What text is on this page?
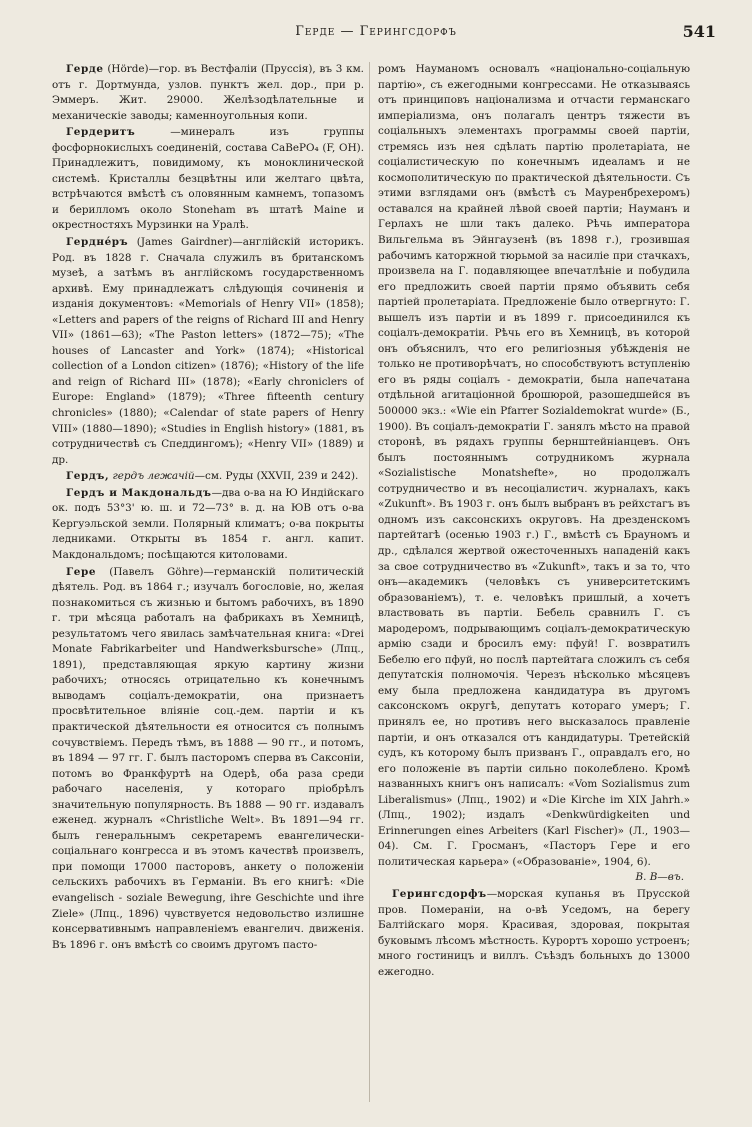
Герде — Герингсдорфъ	541

Герде (Hörde)—гор. въ Вестфаліи (Пруссія), въ 3 км. отъ г. Дортмунда, узлов. пунктъ жел. дор., при р. Эммеръ. Жит. 29000. Желѣзодѣлательные и механическіе заводы; каменноугольныя копи.

Гердеритъ	—минералъ изъ группы фосфорнокислыхъ соединеній, состава CaBePO₄ (F, OH). Принадлежитъ, повидимому, къ моноклинической системѣ. Кристаллы безцвѣтны или желтаго цвѣта, встрѣчаются вмѣстѣ съ оловянным камнемъ, топазомъ и берилломъ около Stoneham въ штатѣ Maine и окрестностяхъ Мурзинки на Уралѣ.

Гердне́ръ (James Gairdner)—англійскій историкъ. Род. въ 1828 г. Сначала служилъ въ британскомъ музеѣ, а затѣмъ въ англійскомъ государственномъ архивѣ. Ему принадлежатъ слѣдующія сочиненія и изданія документовъ: «Memorials of Henry VII» (1858); «Letters and papers of the reigns of Richard III and Henry VII» (1861—63); «The Paston letters» (1872—75); «The houses of Lancaster and York» (1874); «Historical collection of a London citizen» (1876); «History of the life and reign of Richard III» (1878); «Early chroniclers of Europe: England» (1879); «Three fifteenth century chronicles» (1880); «Calendar of state papers of Henry VIII» (1880—1890); «Studies in English history» (1881, въ сотрудничествѣ съ Спеддингомъ); «Henry VII» (1889) и др.

Гердъ, гердъ лежачій—см. Руды (XXVII, 239 и 242).

Гердъ и Макдональдъ—два о-ва на Ю Индійскаго ок. подъ 53°3' ю. ш. и 72—73° в. д. на ЮВ отъ о-ва Кергуэльской земли. Полярный климатъ; о-ва покрыты ледниками. Открыты въ 1854 г. англ. капит. Макдональдомъ; посѣщаются китоловами.

Гере (Павелъ Göhre)—германскій политическій дѣятель. Род. въ 1864 г.; изучалъ богословіе, но, желая познакомиться съ жизнью и бытомъ рабочихъ, въ 1890 г. три мѣсяца работалъ на фабрикахъ въ Хемницѣ, результатомъ чего явилась замѣчательная книга: «Drei Monate Fabrikarbeiter und Handwerksbursche» (Лпц., 1891), представляющая яркую картину жизни рабочихъ; относясь отрицательно къ конечнымъ выводамъ соціалъ-демократіи, она признаетъ просвѣтительное вліяніе соц.-дем. партіи и къ практической дѣятельности ея относится съ полнымъ сочувствіемъ. Передъ тѣмъ, въ 1888 — 90 гг., и потомъ, въ 1894 — 97 гг. Г. былъ пасторомъ сперва въ Саксоніи, потомъ во Франкфуртѣ на Одерѣ, оба раза среди рабочаго населенія, у котораго пріобрѣлъ значительную популярность. Въ 1888 — 90 гг. издавалъ еженед. журналъ «Christliche Welt». Въ 1891—94 гг. былъ генеральнымъ секретаремъ евангелически-соціальнаго конгресса и въ этомъ качествѣ произвелъ, при помощи 17000 пасторовъ, анкету о положеніи сельскихъ рабочихъ въ Германіи. Въ его книгѣ: «Die evangelisch - soziale Bewegung, ihre Geschichte und ihre Ziele» (Лпц., 1896) чувствуется недовольство излишне консервативнымъ направленіемъ евангелич. движенія. Въ 1896 г. онъ вмѣстѣ со своимъ другомъ пасто-

ромъ Науманомъ основалъ «національно-соціальную партію», съ ежегодными конгрессами. Не отказываясь отъ принциповъ націонализма и отчасти германскаго имперіализма, онъ полагалъ центръ тяжести въ соціальныхъ элементахъ программы своей партіи, стремясь изъ нея сдѣлать партію пролетаріата, не соціалистическую по конечнымъ идеаламъ и не космополитическую по практической дѣятельности. Съ этими взглядами онъ (вмѣстѣ съ Мауренбрехеромъ) оставался на крайней лѣвой своей партіи; Науманъ и Герлахъ не шли такъ далеко. Рѣчь императора Вильгельма въ Эйнгаузенѣ (въ 1898 г.), грозившая рабочимъ каторжной тюрьмой за насиліе при стачкахъ, произвела на Г. подавляющее впечатлѣніе и побудила его предложить своей партіи прямо объявить себя партіей пролетаріата. Предложеніе было отвергнуто: Г. вышелъ изъ партіи и въ 1899 г. присоединился къ соціалъ-демократіи. Рѣчь его въ Хемницѣ, въ которой онъ объяснилъ, что его религіозныя убѣжденія не только не противорѣчатъ, но способствуютъ вступленію его въ ряды соціалъ - демократіи, была напечатана отдѣльной агитаціонной брошюрой, разошедшейся въ 500000 экз.: «Wie ein Pfarrer Sozialdemokrat wurde» (Б., 1900). Въ соціалъ-демократіи Г. занялъ мѣсто на правой сторонѣ, въ рядахъ группы бернштейніанцевъ. Онъ былъ постояннымъ сотрудникомъ журнала «Sozialistische Monatshefte», но продолжалъ сотрудничество и въ несоціалистич. журналахъ, какъ «Zukunft». Въ 1903 г. онъ былъ выбранъ въ рейхстагъ въ одномъ изъ саксонскихъ округовъ. На дрезденскомъ партейтагѣ (осенью 1903 г.) Г., вмѣстѣ съ Брауномъ и др., сдѣлался жертвой ожесточенныхъ нападеній какъ за свое сотрудничество въ «Zukunft», такъ и за то, что онъ—академикъ (человѣкъ съ университетскимъ образованіемъ), т. е. человѣкъ пришлый, а хочетъ властвовать въ партіи. Бебель сравнилъ Г. съ мародеромъ, подрывающимъ соціалъ-демократическую армію сзади и бросилъ ему: пфуй! Г. возвратилъ Бебелю его пфуй, но послѣ партейтага сложилъ съ себя депутатскія полномочія. Черезъ нѣсколько мѣсяцевъ ему была предложена кандидатура въ другомъ саксонскомъ округѣ, депутатъ котораго умеръ; Г. принялъ ее, но противъ него высказалось правленіе партіи, и онъ отказался отъ кандидатуры. Третейскій судъ, къ которому былъ призванъ Г., оправдалъ его, но его положеніе въ партіи сильно поколеблено. Кромѣ названныхъ книгъ онъ написалъ: «Vom Sozialismus zum Liberalismus» (Лпц., 1902) и «Die Kirche im XIX Jahrh.» (Лпц., 1902); издалъ «Denkwürdigkeiten und Erinnerungen eines Arbeiters (Karl Fischer)» (Л., 1903—04). См. Г. Гросманъ, «Пасторъ Гере и его политическая карьера» («Образованіе», 1904, 6).
В. В—въ.

Герингсдорфъ—морская купанья въ Прусской пров. Помераніи, на о-вѣ Уседомъ, на берегу Балтійскаго моря. Красивая, здоровая, покрытая буковымъ лѣсомъ мѣстность. Курортъ хорошо устроенъ; много гостиницъ и виллъ. Съѣздъ больныхъ до 13000 ежегодно.
